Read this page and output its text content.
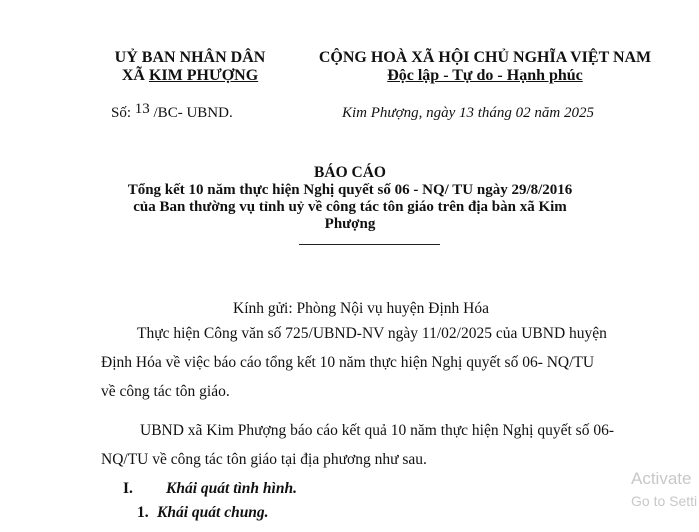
UỶ BAN NHÂN DÂN
XÃ KIM PHƯỢNG
CỘNG HOÀ XÃ HỘI CHỦ NGHĨA VIỆT NAM
Độc lập - Tự do - Hạnh phúc
Số: 13 /BC- UBND.	Kim Phượng, ngày 13 tháng 02 năm 2025
BÁO CÁO
Tổng kết 10 năm thực hiện Nghị quyết số 06 - NQ/ TU ngày 29/8/2016
của Ban thường vụ tỉnh uỷ về công tác tôn giáo trên địa bàn xã Kim
Phượng
Kính gửi: Phòng Nội vụ huyện Định Hóa
Thực hiện Công văn số 725/UBND-NV ngày 11/02/2025 của UBND huyện
Định Hóa về việc báo cáo tổng kết 10 năm thực hiện Nghị quyết số 06- NQ/TU
về công tác tôn giáo.
UBND xã Kim Phượng báo cáo kết quả 10 năm thực hiện Nghị quyết số 06-
NQ/TU về công tác tôn giáo tại địa phương như sau.
I. Khái quát tình hình.
1. Khái quát chung.
Activate
Go to Setti
